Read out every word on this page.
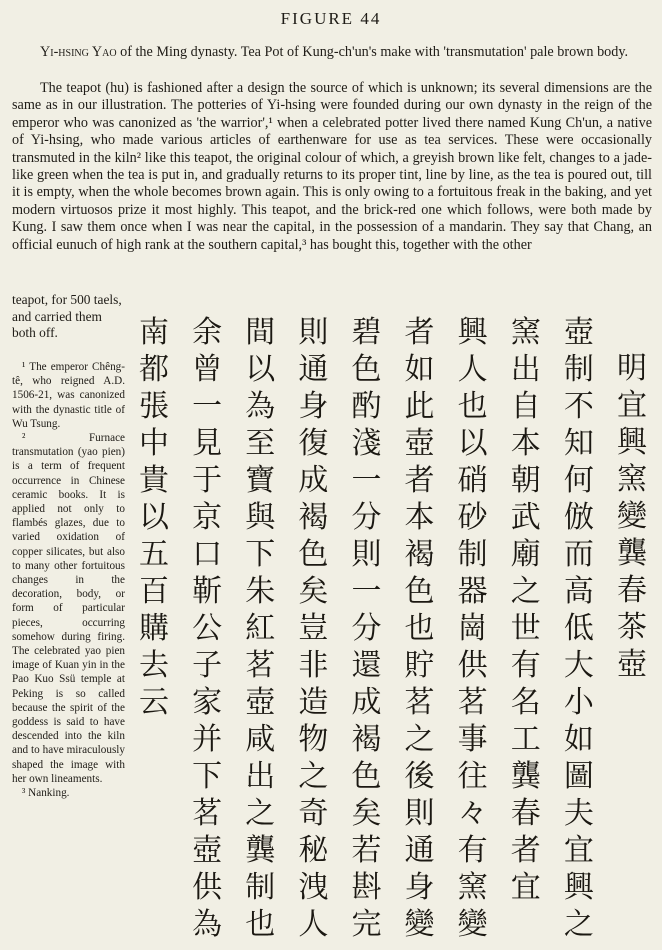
FIGURE 44
Yi-hsing Yao of the Ming dynasty. Tea Pot of Kung-ch'un's make with 'transmutation' pale brown body.

The teapot (hu) is fashioned after a design the source of which is unknown; its several dimensions are the same as in our illustration. The potteries of Yi-hsing were founded during our own dynasty in the reign of the emperor who was canonized as 'the warrior',¹ when a celebrated potter lived there named Kung Ch'un, a native of Yi-hsing, who made various articles of earthenware for use as tea services. These were occasionally transmuted in the kiln² like this teapot, the original colour of which, a greyish brown like felt, changes to a jade-like green when the tea is put in, and gradually returns to its proper tint, line by line, as the tea is poured out, till it is empty, when the whole becomes brown again. This is only owing to a fortuitous freak in the baking, and yet modern virtuosos prize it most highly. This teapot, and the brick-red one which follows, were both made by Kung. I saw them once when I was near the capital, in the possession of a mandarin. They say that Chang, an official eunuch of high rank at the southern capital,³ has bought this, together with the other

teapot, for 500 taels, and carried them both off.

¹ The emperor Chêng-tê, who reigned A.D. 1506-21, was canonized with the dynastic title of Wu Tsung.

² Furnace transmutation (yao pien) is a term of frequent occurrence in Chinese ceramic books. It is applied not only to flambés glazes, due to varied oxidation of copper silicates, but also to many other fortuitous changes in the decoration, body, or form of particular pieces, occurring somehow during firing. The celebrated yao pien image of Kuan yin in the Pao Kuo Ssü temple at Peking is so called because the spirit of the goddess is said to have descended into the kiln and to have miraculously shaped the image with her own lineaments.

³ Nanking.

明
宜
興
窯
變
龔
春
茶
壺
壺
制
不
知
何
倣
而
高
低
大
小
如
圖
夫
宜
興
之
窯
出
自
本
朝
武
廟
之
世
有
名
工
龔
春
者
宜
興
人
也
以
硝
砂
制
器
崗
供
茗
事
往
々
有
窯
變
者
如
此
壺
者
本
褐
色
也
貯
茗
之
後
則
通
身
變
碧
色
酌
淺
一
分
則
一
分
還
成
褐
色
矣
若
斟
完
則
通
身
復
成
褐
色
矣
豈
非
造
物
之
奇
秘
洩
人
間
以
為
至
寶
與
下
朱
紅
茗
壺
咸
出
之
龔
制
也
余
曾
一
見
于
京
口
靳
公
子
家
并
下
茗
壺
供
為
南
都
張
中
貴
以
五
百
購
去
云
